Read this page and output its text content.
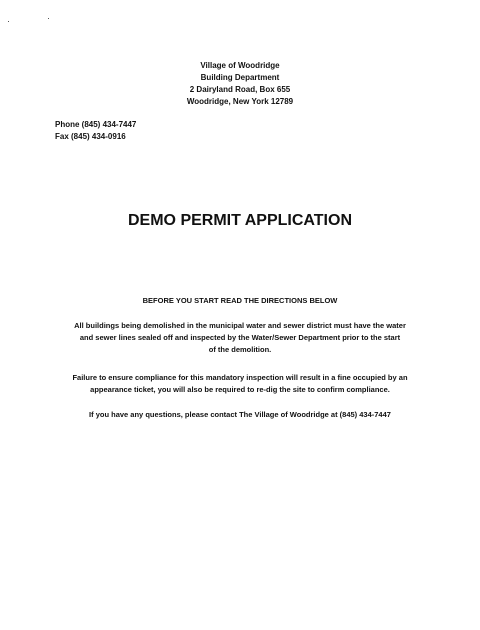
Village of Woodridge
Building Department
2 Dairyland Road, Box 655
Woodridge, New York 12789
Phone (845) 434-7447
Fax (845) 434-0916
DEMO PERMIT APPLICATION
BEFORE YOU START READ THE DIRECTIONS BELOW

All buildings being demolished in the municipal water and sewer district must have the water
and sewer lines sealed off and inspected by the Water/Sewer Department prior to the start
of the demolition.

Failure to ensure compliance for this mandatory inspection will result in a fine occupied by an
appearance ticket, you will also be required to re-dig the site to confirm compliance.

If you have any questions, please contact The Village of Woodridge at (845) 434-7447
